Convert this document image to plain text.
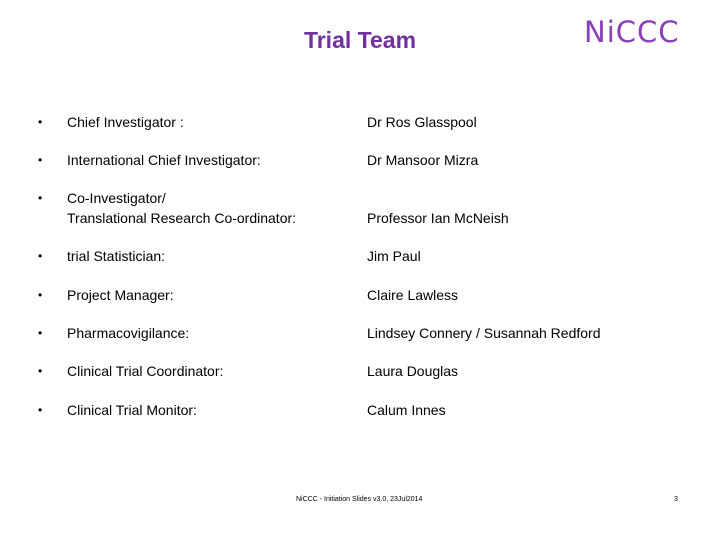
Trial Team	NiCCC
• Chief Investigator :	Dr Ros Glasspool
• International Chief Investigator:	Dr Mansoor Mizra
• Co-Investigator/
Translational Research Co-ordinator:	Professor Ian McNeish
• trial Statistician:	Jim Paul
• Project Manager:	Claire Lawless
• Pharmacovigilance:	Lindsey Connery / Susannah Redford
• Clinical Trial Coordinator:	Laura Douglas
• Clinical Trial Monitor:	Calum Innes
NiCCC - Initiation Slides v3.0, 23Jul2014	3
